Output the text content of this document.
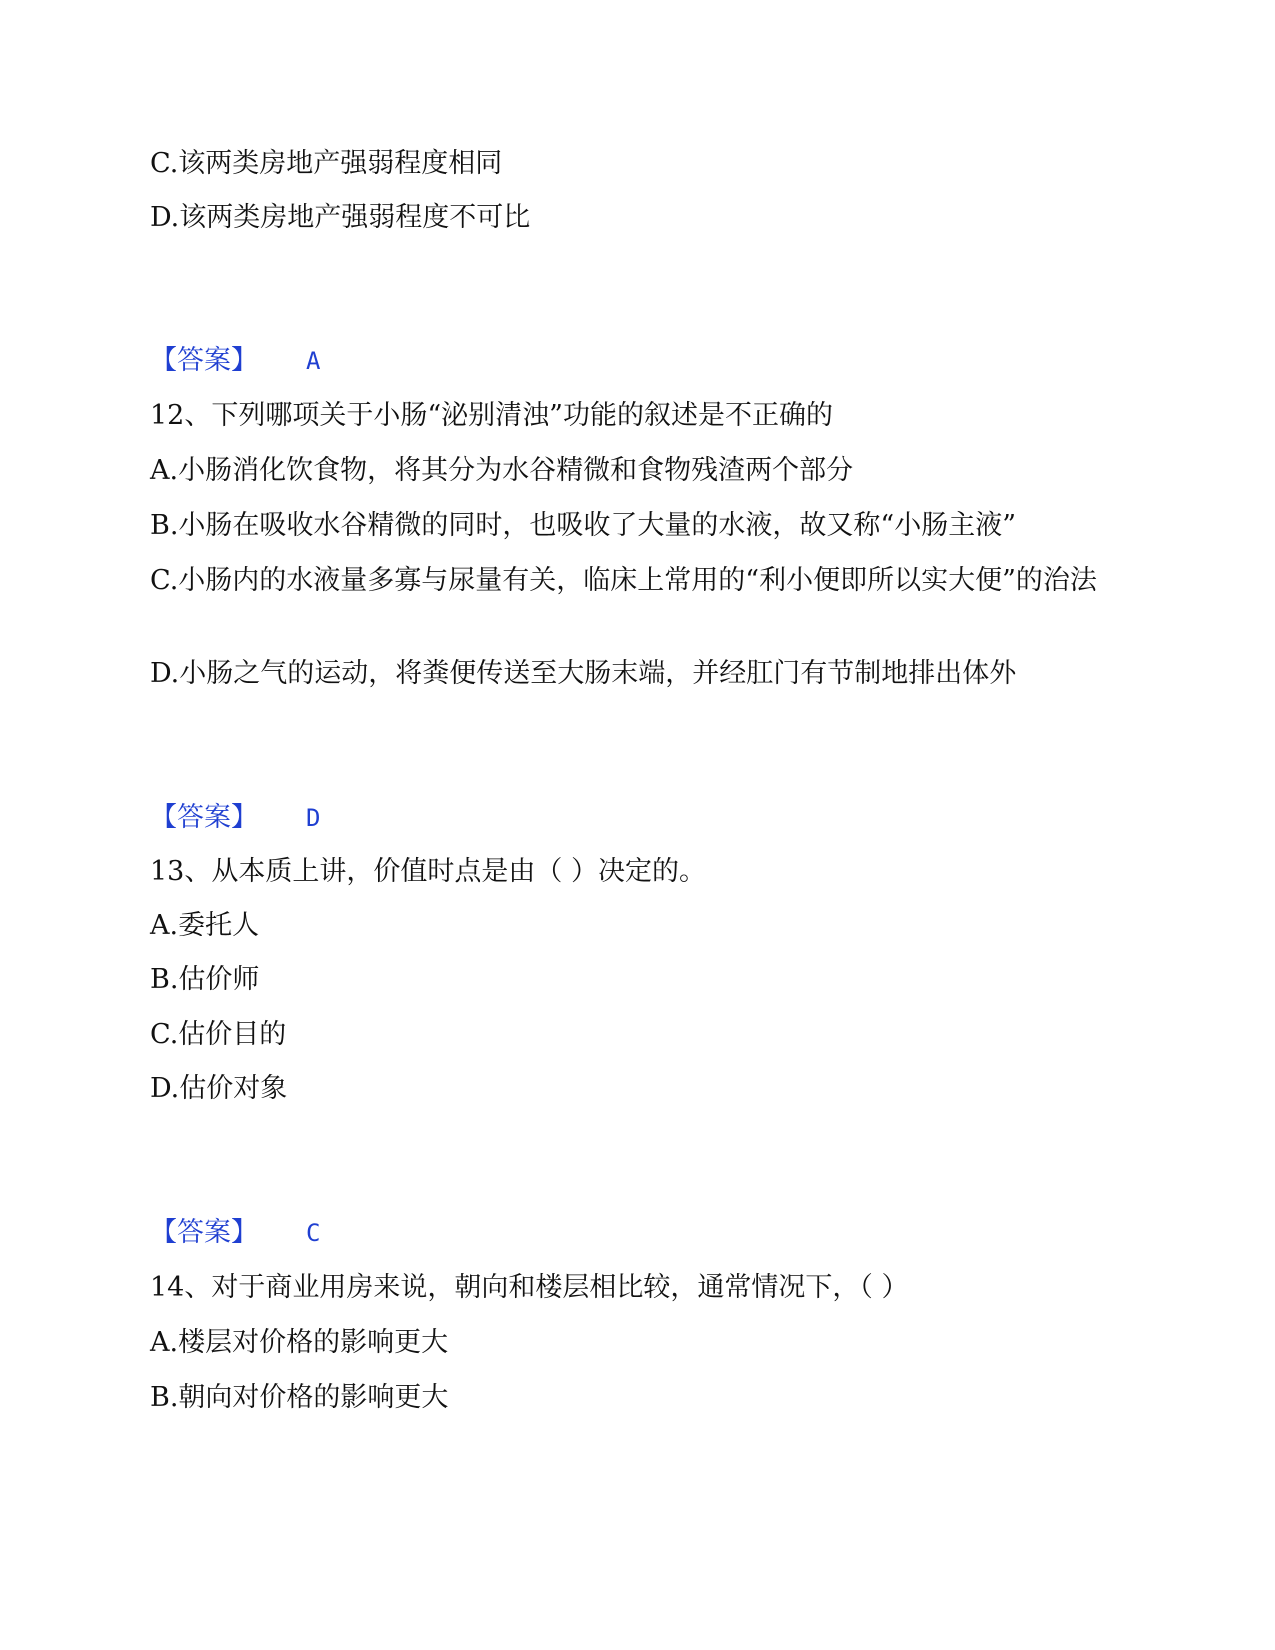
C.该两类房地产强弱程度相同
D.该两类房地产强弱程度不可比
【答案】 A
12、下列哪项关于小肠“泌别清浊”功能的叙述是不正确的
A.小肠消化饮食物，将其分为水谷精微和食物残渣两个部分
B.小肠在吸收水谷精微的同时，也吸收了大量的水液，故又称“小肠主液”
C.小肠内的水液量多寡与尿量有关，临床上常用的“利小便即所以实大便”的治法
D.小肠之气的运动，将粪便传送至大肠末端，并经肛门有节制地排出体外
【答案】 D
13、从本质上讲，价值时点是由（ ）决定的。
A.委托人
B.估价师
C.估价目的
D.估价对象
【答案】 C
14、对于商业用房来说，朝向和楼层相比较，通常情况下，（ ）
A.楼层对价格的影响更大
B.朝向对价格的影响更大
